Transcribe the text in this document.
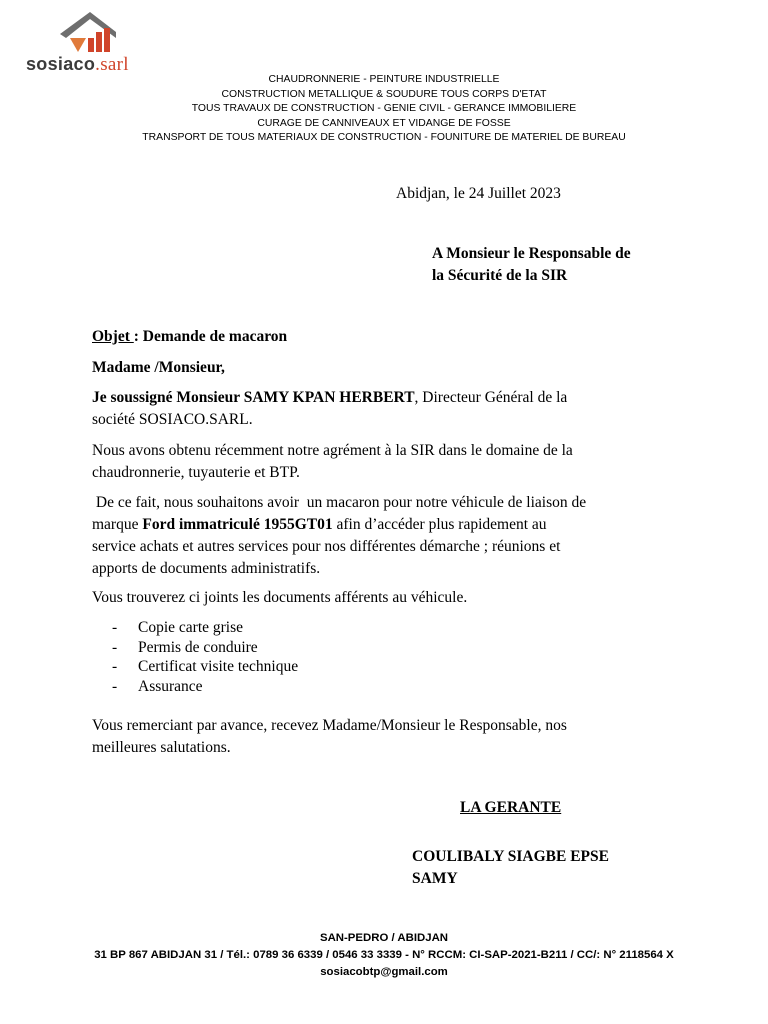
sosiaco.sarl
CHAUDRONNERIE - PEINTURE INDUSTRIELLE
CONSTRUCTION METALLIQUE & SOUDURE TOUS CORPS D'ETAT
TOUS TRAVAUX DE CONSTRUCTION - GENIE CIVIL - GERANCE IMMOBILIERE
CURAGE DE CANNIVEAUX ET VIDANGE DE FOSSE
TRANSPORT DE TOUS MATERIAUX DE CONSTRUCTION - FOUNITURE DE MATERIEL DE BUREAU
Abidjan, le 24 Juillet 2023
A Monsieur le Responsable de
la Sécurité de la SIR
Objet : Demande de macaron
Madame /Monsieur,
Je soussigné Monsieur SAMY KPAN HERBERT, Directeur Général de la
société SOSIACO.SARL.
Nous avons obtenu récemment notre agrément à la SIR dans le domaine de la
chaudronnerie, tuyauterie et BTP.
De ce fait, nous souhaitons avoir  un macaron pour notre véhicule de liaison de
marque Ford immatriculé 1955GT01 afin d’accéder plus rapidement au
service achats et autres services pour nos différentes démarche ; réunions et
apports de documents administratifs.
Vous trouverez ci joints les documents afférents au véhicule.
- Copie carte grise
- Permis de conduire
- Certificat visite technique
- Assurance
Vous remerciant par avance, recevez Madame/Monsieur le Responsable, nos
meilleures salutations.
LA GERANTE
COULIBALY SIAGBE EPSE
SAMY
SAN-PEDRO / ABIDJAN
31 BP 867 ABIDJAN 31 / Tél.: 0789 36 6339 / 0546 33 3339 - N° RCCM: CI-SAP-2021-B211 / CC/: N° 2118564 X
sosiacobtp@gmail.com
